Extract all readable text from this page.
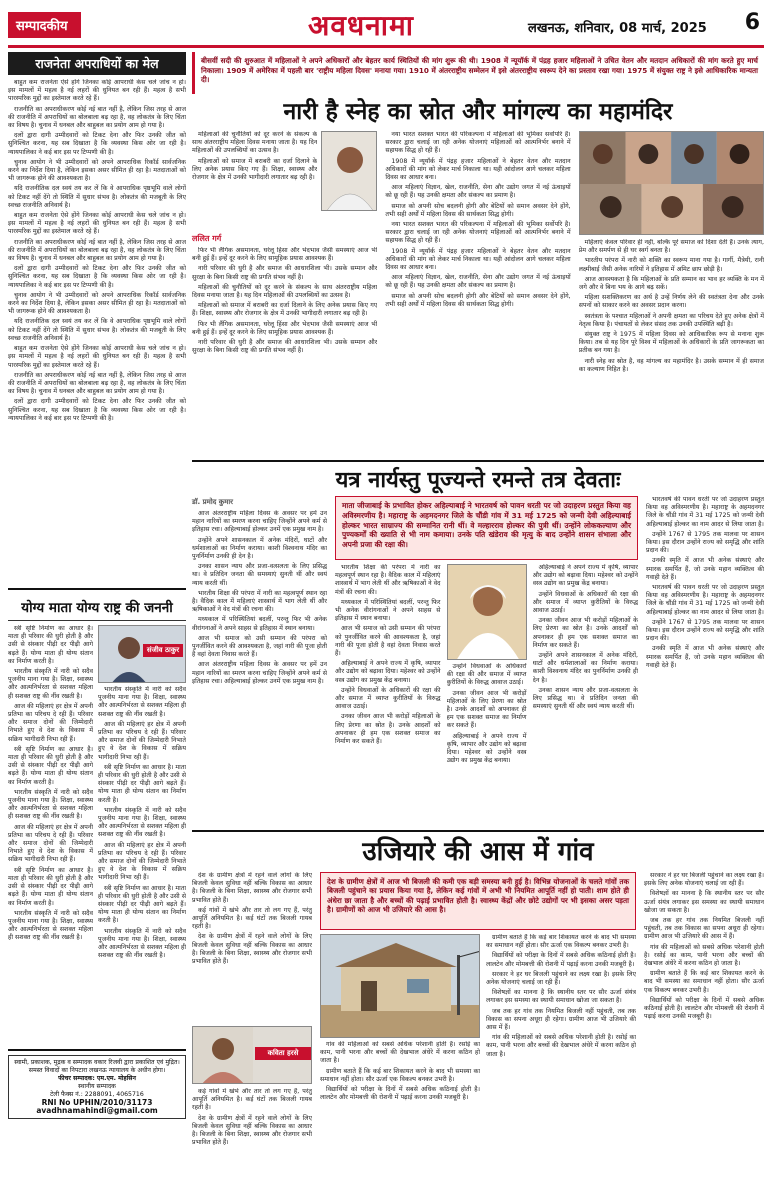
सम्पादकीय	अवधनामा	लखनऊ, शनिवार, 08 मार्च, 2025 6
राजनेता अपराधियों का मेल

बाहुत कम राजनेता ऐसे होंगे जिनका कोई आपराधी केस चले जांच न हो। इस मामलों में महत्व है नई लहरों की धुनियत बन रही हैं। महत्व है सभी पारस्परिक मुद्दों का इस्तेमाल करते रहे हैं।

राजनीति का अपराधीकरण कोई नई बात नहीं है, लेकिन जिस तरह से आज की राजनीति में अपराधियों का बोलबाला बढ़ रहा है, वह लोकतंत्र के लिए चिंता का विषय है। चुनाव में धनबल और बाहुबल का प्रयोग आम हो गया है।

दलों द्वारा दागी उम्मीदवारों को टिकट देना और फिर उनकी जीत को सुनिश्चित करना, यह सब दिखाता है कि व्यवस्था किस ओर जा रही है। न्यायपालिका ने कई बार इस पर टिप्पणी की है।

चुनाव आयोग ने भी उम्मीदवारों को अपने आपराधिक रिकॉर्ड सार्वजनिक करने का निर्देश दिया है, लेकिन इसका असर सीमित ही रहा है। मतदाताओं को भी जागरूक होने की आवश्यकता है।

यदि राजनीतिक दल स्वयं तय कर लें कि वे आपराधिक पृष्ठभूमि वाले लोगों को टिकट नहीं देंगे तो स्थिति में सुधार संभव है। लोकतंत्र की मजबूती के लिए स्वच्छ राजनीति अनिवार्य है।

बाहुत कम राजनेता ऐसे होंगे जिनका कोई आपराधी केस चले जांच न हो। इस मामलों में महत्व है नई लहरों की धुनियत बन रही हैं। महत्व है सभी पारस्परिक मुद्दों का इस्तेमाल करते रहे हैं।

राजनीति का अपराधीकरण कोई नई बात नहीं है, लेकिन जिस तरह से आज की राजनीति में अपराधियों का बोलबाला बढ़ रहा है, वह लोकतंत्र के लिए चिंता का विषय है। चुनाव में धनबल और बाहुबल का प्रयोग आम हो गया है।

दलों द्वारा दागी उम्मीदवारों को टिकट देना और फिर उनकी जीत को सुनिश्चित करना, यह सब दिखाता है कि व्यवस्था किस ओर जा रही है। न्यायपालिका ने कई बार इस पर टिप्पणी की है।

चुनाव आयोग ने भी उम्मीदवारों को अपने आपराधिक रिकॉर्ड सार्वजनिक करने का निर्देश दिया है, लेकिन इसका असर सीमित ही रहा है। मतदाताओं को भी जागरूक होने की आवश्यकता है।

यदि राजनीतिक दल स्वयं तय कर लें कि वे आपराधिक पृष्ठभूमि वाले लोगों को टिकट नहीं देंगे तो स्थिति में सुधार संभव है। लोकतंत्र की मजबूती के लिए स्वच्छ राजनीति अनिवार्य है।

बाहुत कम राजनेता ऐसे होंगे जिनका कोई आपराधी केस चले जांच न हो। इस मामलों में महत्व है नई लहरों की धुनियत बन रही हैं। महत्व है सभी पारस्परिक मुद्दों का इस्तेमाल करते रहे हैं।

राजनीति का अपराधीकरण कोई नई बात नहीं है, लेकिन जिस तरह से आज की राजनीति में अपराधियों का बोलबाला बढ़ रहा है, वह लोकतंत्र के लिए चिंता का विषय है। चुनाव में धनबल और बाहुबल का प्रयोग आम हो गया है।

दलों द्वारा दागी उम्मीदवारों को टिकट देना और फिर उनकी जीत को सुनिश्चित करना, यह सब दिखाता है कि व्यवस्था किस ओर जा रही है। न्यायपालिका ने कई बार इस पर टिप्पणी की है।

योग्य माता योग्य राष्ट्र की जननी

स्त्री सृष्टि निर्माण का आधार है। माता ही परिवार की धुरी होती है और उसी से संस्कार पीढ़ी दर पीढ़ी आगे बढ़ते हैं। योग्य माता ही योग्य संतान का निर्माण करती है।

भारतीय संस्कृति में नारी को सदैव पूजनीय माना गया है। शिक्षा, स्वास्थ्य और आत्मनिर्भरता से सशक्त महिला ही सशक्त राष्ट्र की नींव रखती है।

आज की महिलाएं हर क्षेत्र में अपनी प्रतिभा का परिचय दे रही हैं। परिवार और समाज दोनों की जिम्मेदारी निभाते हुए वे देश के विकास में सक्रिय भागीदारी निभा रही हैं।

स्त्री सृष्टि निर्माण का आधार है। माता ही परिवार की धुरी होती है और उसी से संस्कार पीढ़ी दर पीढ़ी आगे बढ़ते हैं। योग्य माता ही योग्य संतान का निर्माण करती है।

भारतीय संस्कृति में नारी को सदैव पूजनीय माना गया है। शिक्षा, स्वास्थ्य और आत्मनिर्भरता से सशक्त महिला ही सशक्त राष्ट्र की नींव रखती है।

आज की महिलाएं हर क्षेत्र में अपनी प्रतिभा का परिचय दे रही हैं। परिवार और समाज दोनों की जिम्मेदारी निभाते हुए वे देश के विकास में सक्रिय भागीदारी निभा रही हैं।

स्त्री सृष्टि निर्माण का आधार है। माता ही परिवार की धुरी होती है और उसी से संस्कार पीढ़ी दर पीढ़ी आगे बढ़ते हैं। योग्य माता ही योग्य संतान का निर्माण करती है।

भारतीय संस्कृति में नारी को सदैव पूजनीय माना गया है। शिक्षा, स्वास्थ्य और आत्मनिर्भरता से सशक्त महिला ही सशक्त राष्ट्र की नींव रखती है।

संजीव ठाकुर

भारतीय संस्कृति में नारी को सदैव पूजनीय माना गया है। शिक्षा, स्वास्थ्य और आत्मनिर्भरता से सशक्त महिला ही सशक्त राष्ट्र की नींव रखती है।

आज की महिलाएं हर क्षेत्र में अपनी प्रतिभा का परिचय दे रही हैं। परिवार और समाज दोनों की जिम्मेदारी निभाते हुए वे देश के विकास में सक्रिय भागीदारी निभा रही हैं।

स्त्री सृष्टि निर्माण का आधार है। माता ही परिवार की धुरी होती है और उसी से संस्कार पीढ़ी दर पीढ़ी आगे बढ़ते हैं। योग्य माता ही योग्य संतान का निर्माण करती है।

भारतीय संस्कृति में नारी को सदैव पूजनीय माना गया है। शिक्षा, स्वास्थ्य और आत्मनिर्भरता से सशक्त महिला ही सशक्त राष्ट्र की नींव रखती है।

आज की महिलाएं हर क्षेत्र में अपनी प्रतिभा का परिचय दे रही हैं। परिवार और समाज दोनों की जिम्मेदारी निभाते हुए वे देश के विकास में सक्रिय भागीदारी निभा रही हैं।

स्त्री सृष्टि निर्माण का आधार है। माता ही परिवार की धुरी होती है और उसी से संस्कार पीढ़ी दर पीढ़ी आगे बढ़ते हैं। योग्य माता ही योग्य संतान का निर्माण करती है।

भारतीय संस्कृति में नारी को सदैव पूजनीय माना गया है। शिक्षा, स्वास्थ्य और आत्मनिर्भरता से सशक्त महिला ही सशक्त राष्ट्र की नींव रखती है।

स्वामी, प्रकाशक, मुद्रक व सम्पादक वकार रिजवी द्वारा प्रकाशित एवं मुद्रित। समस्त विवादों का निपटारा लखनऊ न्यायालय के अधीन होगा।
फीचर सम्पादक: एम.एम. मोहसिन
स्थानीय सम्पादक
टेली फैक्स नं.: 2288091, 4065716
RNI No UPHIN/2010/31173
avadhnamahindi@gmail.com
बीसवीं सदी की शुरुआत में महिलाओं ने अपने अधिकारों और बेहतर कार्य स्थितियों की मांग शुरू की थी। 1908 में न्यूयॉर्क में पंद्रह हजार महिलाओं ने उचित वेतन और मतदान अधिकारों की मांग करते हुए मार्च निकाला। 1909 में अमेरिका में पहली बार 'राष्ट्रीय महिला दिवस' मनाया गया। 1910 में अंतरराष्ट्रीय सम्मेलन में इसे अंतरराष्ट्रीय स्वरूप देने का प्रस्ताव रखा गया। 1975 में संयुक्त राष्ट्र ने इसे आधिकारिक मान्यता दी।
नारी है स्नेह का स्रोत और मांगल्य का महामंदिर

महिलाओं की चुनौतियों को दूर करने के संकल्प के साथ अंतरराष्ट्रीय महिला दिवस मनाया जाता है। यह दिन महिलाओं की उपलब्धियों का उत्सव है।

महिलाओं को समाज में बराबरी का दर्जा दिलाने के लिए अनेक प्रयास किए गए हैं। शिक्षा, स्वास्थ्य और रोजगार के क्षेत्र में उनकी भागीदारी लगातार बढ़ रही है।

ललित गर्ग

फिर भी लैंगिक असमानता, घरेलू हिंसा और भेदभाव जैसी समस्याएं आज भी बनी हुई हैं। इन्हें दूर करने के लिए सामूहिक प्रयास आवश्यक हैं।

नारी परिवार की धुरी है और समाज की आधारशिला भी। उसके सम्मान और सुरक्षा के बिना किसी राष्ट्र की प्रगति संभव नहीं है।

महिलाओं की चुनौतियों को दूर करने के संकल्प के साथ अंतरराष्ट्रीय महिला दिवस मनाया जाता है। यह दिन महिलाओं की उपलब्धियों का उत्सव है।

महिलाओं को समाज में बराबरी का दर्जा दिलाने के लिए अनेक प्रयास किए गए हैं। शिक्षा, स्वास्थ्य और रोजगार के क्षेत्र में उनकी भागीदारी लगातार बढ़ रही है।

फिर भी लैंगिक असमानता, घरेलू हिंसा और भेदभाव जैसी समस्याएं आज भी बनी हुई हैं। इन्हें दूर करने के लिए सामूहिक प्रयास आवश्यक हैं।

नारी परिवार की धुरी है और समाज की आधारशिला भी। उसके सम्मान और सुरक्षा के बिना किसी राष्ट्र की प्रगति संभव नहीं है।

नया भारत सशक्त भारत की परिकल्पना में महिलाओं की भूमिका सर्वोपरि है। सरकार द्वारा चलाई जा रही अनेक योजनाएं महिलाओं को आत्मनिर्भर बनाने में सहायक सिद्ध हो रही हैं।

1908 में न्यूयॉर्क में पंद्रह हजार महिलाओं ने बेहतर वेतन और मतदान अधिकारों की मांग को लेकर मार्च निकाला था। यही आंदोलन आगे चलकर महिला दिवस का आधार बना।

आज महिलाएं विज्ञान, खेल, राजनीति, सेना और उद्योग जगत में नई ऊंचाइयों को छू रही हैं। यह उनकी क्षमता और संकल्प का प्रमाण है।

समाज को अपनी सोच बदलनी होगी और बेटियों को समान अवसर देने होंगे, तभी सही अर्थों में महिला दिवस की सार्थकता सिद्ध होगी।

नया भारत सशक्त भारत की परिकल्पना में महिलाओं की भूमिका सर्वोपरि है। सरकार द्वारा चलाई जा रही अनेक योजनाएं महिलाओं को आत्मनिर्भर बनाने में सहायक सिद्ध हो रही हैं।

1908 में न्यूयॉर्क में पंद्रह हजार महिलाओं ने बेहतर वेतन और मतदान अधिकारों की मांग को लेकर मार्च निकाला था। यही आंदोलन आगे चलकर महिला दिवस का आधार बना।

आज महिलाएं विज्ञान, खेल, राजनीति, सेना और उद्योग जगत में नई ऊंचाइयों को छू रही हैं। यह उनकी क्षमता और संकल्प का प्रमाण है।

समाज को अपनी सोच बदलनी होगी और बेटियों को समान अवसर देने होंगे, तभी सही अर्थों में महिला दिवस की सार्थकता सिद्ध होगी।

महिलाएं केवल परिवार ही नहीं, बल्कि पूरे समाज को दिशा देती हैं। उनके त्याग, प्रेम और समर्पण से ही घर स्वर्ग बनता है।

भारतीय परंपरा में नारी को शक्ति का स्वरूप माना गया है। गार्गी, मैत्रेयी, रानी लक्ष्मीबाई जैसी अनेक नारियों ने इतिहास में अमिट छाप छोड़ी है।

आज आवश्यकता है कि महिलाओं के प्रति सम्मान का भाव हर व्यक्ति के मन में जगे और वे बिना भय के आगे बढ़ सकें।

महिला सशक्तिकरण का अर्थ है उन्हें निर्णय लेने की स्वतंत्रता देना और उनके सपनों को साकार करने का अवसर प्रदान करना।

स्वतंत्रता के पश्चात महिलाओं ने अपनी क्षमता का परिचय देते हुए अनेक क्षेत्रों में नेतृत्व किया है। पंचायतों से लेकर संसद तक उनकी उपस्थिति बढ़ी है।

संयुक्त राष्ट्र ने 1975 में महिला दिवस को आधिकारिक रूप से मनाना शुरू किया। तब से यह दिन पूरे विश्व में महिलाओं के अधिकारों के प्रति जागरूकता का प्रतीक बन गया है।

नारी स्नेह का स्रोत है, वह मांगल्य का महामंदिर है। उसके सम्मान में ही समाज का कल्याण निहित है।

यत्र नार्यस्तु पूज्यन्ते रमन्ते तत्र देवताः
डॉ. प्रमोद कुमार

आज अंतरराष्ट्रीय महिला दिवस के अवसर पर हमें उन महान नारियों का स्मरण करना चाहिए जिन्होंने अपने कर्म से इतिहास रचा। अहिल्याबाई होल्कर उनमें एक प्रमुख नाम है।

उन्होंने अपने शासनकाल में अनेक मंदिरों, घाटों और धर्मशालाओं का निर्माण कराया। काशी विश्वनाथ मंदिर का पुनर्निर्माण उनकी ही देन है।

उनका शासन न्याय और प्रजा-वत्सलता के लिए प्रसिद्ध था। वे प्रतिदिन जनता की समस्याएं सुनती थीं और स्वयं न्याय करती थीं।

भारतीय शिक्षा की परंपरा में नारी का महत्वपूर्ण स्थान रहा है। वैदिक काल में महिलाएं शास्त्रार्थ में भाग लेती थीं और ऋषिकाओं ने वेद मंत्रों की रचना की।

मध्यकाल में परिस्थितियां बदलीं, परन्तु फिर भी अनेक वीरांगनाओं ने अपने साहस से इतिहास में स्थान बनाया।

आज भी समाज को उसी सम्मान की परंपरा को पुनर्जीवित करने की आवश्यकता है, जहां नारी की पूजा होती है वहां देवता निवास करते हैं।

आज अंतरराष्ट्रीय महिला दिवस के अवसर पर हमें उन महान नारियों का स्मरण करना चाहिए जिन्होंने अपने कर्म से इतिहास रचा। अहिल्याबाई होल्कर उनमें एक प्रमुख नाम है।

माता जीजाबाई के प्रभावित होकर अहिल्याबाई ने भारतवर्ष को पावन धरती पर जो उदाहरण प्रस्तुत किया वह अविस्मरणीय है। महाराष्ट्र के अहमदनगर जिले के चौंडी गांव में 31 मई 1725 को जन्मी देवी अहिल्याबाई होल्कर भारत साम्राज्य की सम्मानित रानी थीं। वे मल्हारराव होल्कर की पुत्री थीं। उन्होंने लोककल्याण और पुण्यकर्मों की ख्याति से भी नाम कमाया। उनके पति खंडेराव की मृत्यु के बाद उन्होंने शासन संभाला और अपनी प्रजा की रक्षा की।

भारतीय शिक्षा की परंपरा में नारी का महत्वपूर्ण स्थान रहा है। वैदिक काल में महिलाएं शास्त्रार्थ में भाग लेती थीं और ऋषिकाओं ने वेद मंत्रों की रचना की।

मध्यकाल में परिस्थितियां बदलीं, परन्तु फिर भी अनेक वीरांगनाओं ने अपने साहस से इतिहास में स्थान बनाया।

आज भी समाज को उसी सम्मान की परंपरा को पुनर्जीवित करने की आवश्यकता है, जहां नारी की पूजा होती है वहां देवता निवास करते हैं।

अहिल्याबाई ने अपने राज्य में कृषि, व्यापार और उद्योग को बढ़ावा दिया। महेश्वर को उन्होंने वस्त्र उद्योग का प्रमुख केंद्र बनाया।

उन्होंने विधवाओं के अधिकारों की रक्षा की और समाज में व्याप्त कुरीतियों के विरुद्ध आवाज उठाई।

उनका जीवन आज भी करोड़ों महिलाओं के लिए प्रेरणा का स्रोत है। उनके आदर्शों को अपनाकर ही हम एक सशक्त समाज का निर्माण कर सकते हैं।

उन्होंने विधवाओं के अधिकारों की रक्षा की और समाज में व्याप्त कुरीतियों के विरुद्ध आवाज उठाई।

उनका जीवन आज भी करोड़ों महिलाओं के लिए प्रेरणा का स्रोत है। उनके आदर्शों को अपनाकर ही हम एक सशक्त समाज का निर्माण कर सकते हैं।

अहिल्याबाई ने अपने राज्य में कृषि, व्यापार और उद्योग को बढ़ावा दिया। महेश्वर को उन्होंने वस्त्र उद्योग का प्रमुख केंद्र बनाया।

अहिल्याबाई ने अपने राज्य में कृषि, व्यापार और उद्योग को बढ़ावा दिया। महेश्वर को उन्होंने वस्त्र उद्योग का प्रमुख केंद्र बनाया।

उन्होंने विधवाओं के अधिकारों की रक्षा की और समाज में व्याप्त कुरीतियों के विरुद्ध आवाज उठाई।

उनका जीवन आज भी करोड़ों महिलाओं के लिए प्रेरणा का स्रोत है। उनके आदर्शों को अपनाकर ही हम एक सशक्त समाज का निर्माण कर सकते हैं।

उन्होंने अपने शासनकाल में अनेक मंदिरों, घाटों और धर्मशालाओं का निर्माण कराया। काशी विश्वनाथ मंदिर का पुनर्निर्माण उनकी ही देन है।

उनका शासन न्याय और प्रजा-वत्सलता के लिए प्रसिद्ध था। वे प्रतिदिन जनता की समस्याएं सुनती थीं और स्वयं न्याय करती थीं।

भारतवर्ष की पावन धरती पर जो उदाहरण प्रस्तुत किया वह अविस्मरणीय है। महाराष्ट्र के अहमदनगर जिले के चौंडी गांव में 31 मई 1725 को जन्मी देवी अहिल्याबाई होल्कर का नाम आदर से लिया जाता है।

उन्होंने 1767 से 1795 तक मालवा पर शासन किया। इस दौरान उन्होंने राज्य को समृद्धि और शांति प्रदान की।

उनकी स्मृति में आज भी अनेक संस्थाएं और स्मारक समर्पित हैं, जो उनके महान व्यक्तित्व की गवाही देते हैं।

भारतवर्ष की पावन धरती पर जो उदाहरण प्रस्तुत किया वह अविस्मरणीय है। महाराष्ट्र के अहमदनगर जिले के चौंडी गांव में 31 मई 1725 को जन्मी देवी अहिल्याबाई होल्कर का नाम आदर से लिया जाता है।

उन्होंने 1767 से 1795 तक मालवा पर शासन किया। इस दौरान उन्होंने राज्य को समृद्धि और शांति प्रदान की।

उनकी स्मृति में आज भी अनेक संस्थाएं और स्मारक समर्पित हैं, जो उनके महान व्यक्तित्व की गवाही देते हैं।

उजियारे की आस में गांव

देश के ग्रामीण क्षेत्रों में रहने वाले लोगों के लिए बिजली केवल सुविधा नहीं बल्कि विकास का आधार है। बिजली के बिना शिक्षा, स्वास्थ्य और रोजगार सभी प्रभावित होते हैं।

कई गांवों में खंभे और तार तो लग गए हैं, परंतु आपूर्ति अनियमित है। कई घंटों तक बिजली गायब रहती है।

देश के ग्रामीण क्षेत्रों में रहने वाले लोगों के लिए बिजली केवल सुविधा नहीं बल्कि विकास का आधार है। बिजली के बिना शिक्षा, स्वास्थ्य और रोजगार सभी प्रभावित होते हैं।

कविता हरसे

कई गांवों में खंभे और तार तो लग गए हैं, परंतु आपूर्ति अनियमित है। कई घंटों तक बिजली गायब रहती है।

देश के ग्रामीण क्षेत्रों में रहने वाले लोगों के लिए बिजली केवल सुविधा नहीं बल्कि विकास का आधार है। बिजली के बिना शिक्षा, स्वास्थ्य और रोजगार सभी प्रभावित होते हैं।

देश के ग्रामीण क्षेत्रों में आज भी बिजली की कमी एक बड़ी समस्या बनी हुई है। विभिन्न योजनाओं के चलते गांवों तक बिजली पहुंचाने का प्रयास किया गया है, लेकिन कई गांवों में अभी भी नियमित आपूर्ति नहीं हो पाती। शाम होते ही अंधेरा छा जाता है और बच्चों की पढ़ाई प्रभावित होती है। स्वास्थ्य केंद्रों और छोटे उद्योगों पर भी इसका असर पड़ता है। ग्रामीणों को आज भी उजियारे की आस है।

गांव की महिलाओं को सबसे अधिक परेशानी होती है। रसोई का काम, पानी भरना और बच्चों की देखभाल अंधेरे में करना कठिन हो जाता है।

ग्रामीण बताते हैं कि कई बार शिकायत करने के बाद भी समस्या का समाधान नहीं होता। सौर ऊर्जा एक विकल्प बनकर उभरी है।

विद्यार्थियों को परीक्षा के दिनों में सबसे अधिक कठिनाई होती है। लालटेन और मोमबत्ती की रोशनी में पढ़ाई करना उनकी मजबूरी है।

ग्रामीण बताते हैं कि कई बार शिकायत करने के बाद भी समस्या का समाधान नहीं होता। सौर ऊर्जा एक विकल्प बनकर उभरी है।

विद्यार्थियों को परीक्षा के दिनों में सबसे अधिक कठिनाई होती है। लालटेन और मोमबत्ती की रोशनी में पढ़ाई करना उनकी मजबूरी है।

सरकार ने हर घर बिजली पहुंचाने का लक्ष्य रखा है। इसके लिए अनेक योजनाएं चलाई जा रही हैं।

विशेषज्ञों का मानना है कि स्थानीय स्तर पर सौर ऊर्जा संयंत्र लगाकर इस समस्या का स्थायी समाधान खोजा जा सकता है।

जब तक हर गांव तक नियमित बिजली नहीं पहुंचती, तब तक विकास का सपना अधूरा ही रहेगा। ग्रामीण आज भी उजियारे की आस में हैं।

गांव की महिलाओं को सबसे अधिक परेशानी होती है। रसोई का काम, पानी भरना और बच्चों की देखभाल अंधेरे में करना कठिन हो जाता है।

सरकार ने हर घर बिजली पहुंचाने का लक्ष्य रखा है। इसके लिए अनेक योजनाएं चलाई जा रही हैं।

विशेषज्ञों का मानना है कि स्थानीय स्तर पर सौर ऊर्जा संयंत्र लगाकर इस समस्या का स्थायी समाधान खोजा जा सकता है।

जब तक हर गांव तक नियमित बिजली नहीं पहुंचती, तब तक विकास का सपना अधूरा ही रहेगा। ग्रामीण आज भी उजियारे की आस में हैं।

गांव की महिलाओं को सबसे अधिक परेशानी होती है। रसोई का काम, पानी भरना और बच्चों की देखभाल अंधेरे में करना कठिन हो जाता है।

ग्रामीण बताते हैं कि कई बार शिकायत करने के बाद भी समस्या का समाधान नहीं होता। सौर ऊर्जा एक विकल्प बनकर उभरी है।

विद्यार्थियों को परीक्षा के दिनों में सबसे अधिक कठिनाई होती है। लालटेन और मोमबत्ती की रोशनी में पढ़ाई करना उनकी मजबूरी है।
